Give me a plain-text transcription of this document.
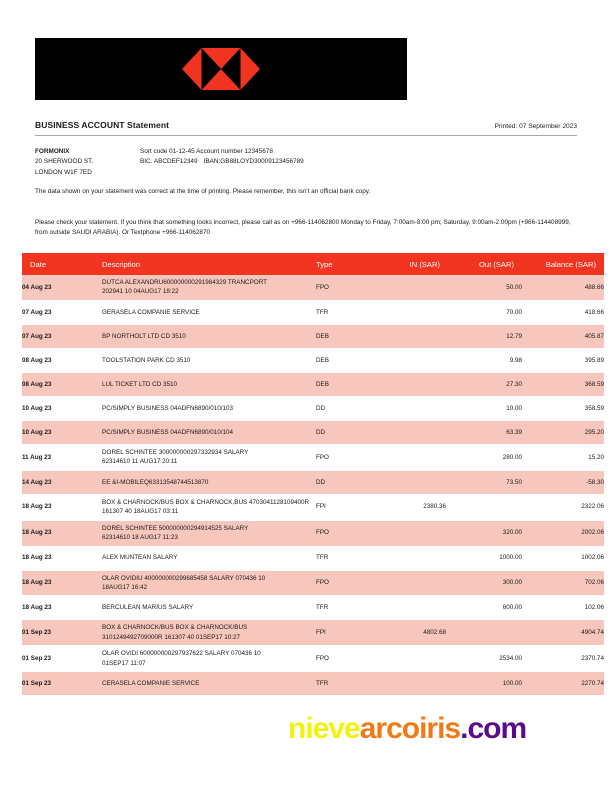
BUSINESS ACCOUNT Statement	Printed: 07 September 2023
FORMONIX
20 SHERWOOD ST.
LONDON W1F 7ED
Sort code 01-12-45 Account number 12345678
BIC. ABCDEF12349 IBAN:GB88LOYD30009123456789
The data shown on your statement was correct at the time of printing. Please remember, this isn't an official bank copy.
Please check your statement. If you think that something looks incorrect, please call as on +966-114062800 Monday to Friday, 7:00am-8:00 pm; Saturday, 9:00am-2:00pm (+966-114408999, from outside SAUDI ARABIA). Or Textphone +966-114062870
Date	Description	Type	IN (SAR)	Out (SAR)	Balance (SAR)
04 Aug 23	DUTCA ALEXANDRU600000000291984329 TRANCPORT
202941 10 04AUG17 18:22	FPO		50.00	488.66
07 Aug 23	GERASELA COMPANIE SERVICE	TFR		70.00	418.66
07 Aug 23	BP NORTHOLT LTD CD 3510	DEB		12.79	405.87
08 Aug 23	TOOLSTATION PARK CD 3510	DEB		9.98	395.89
08 Aug 23	LUL TICKET LTD CD 3510	DEB		27.30	368.59
10 Aug 23	PC/SIMPLY BUSINESS 04ADFN6890/010/103	DD		10.00	358.59
10 Aug 23	PC/SIMPLY BUSINESS 04ADFN6890/010/104	DD		63.39	295.20
11 Aug 23	DOREL SCHINTEE 300000000297332934 SALARY
62314610 11 AUG17 20:11	FPO		280.00	15.20
14 Aug 23	EE &I-MOBILEQ63313548744513870	DD		73.50	-58.30
18 Aug 23	BOX & CHARNOCK/BUS BOX & CHARNOCK,BUS 4703041128109400R
161307 40 18AUG17 03:11	FPI	2380.36		2322.06
18 Aug 23	DOREL SCHINTEE 500000000294914525 SALARY
62314610 18 AUG17 11:23	FPO		320.00	2002.06
18 Aug 23	ALEX MUNTEAN SALARY	TFR		1000.00	1002.06
18 Aug 23	OLAR OVIDIU 400000000299685458 SALARY 070436 10
18AUG17 16:42	FPO		300.00	702.06
18 Aug 23	BERCULEAN MARIUS SALARY	TFR		600.00	102.06
01 Sep 23	BOX & CHARNOCK/BUS BOX & CHARNOCK/BUS
3101249492709000R 161307 40 01SEP17 10:27	FPI	4802.68		4904.74
01 Sep 23	OLAR OVIDI 600000000297937622 SALARY 070436 10
01SEP17 11:07	FPO		2534.00	2370.74
01 Sep 23	CERASELA COMPANIE SERVICE	TFR		100.00	2270.74
nievearcoiris.com
